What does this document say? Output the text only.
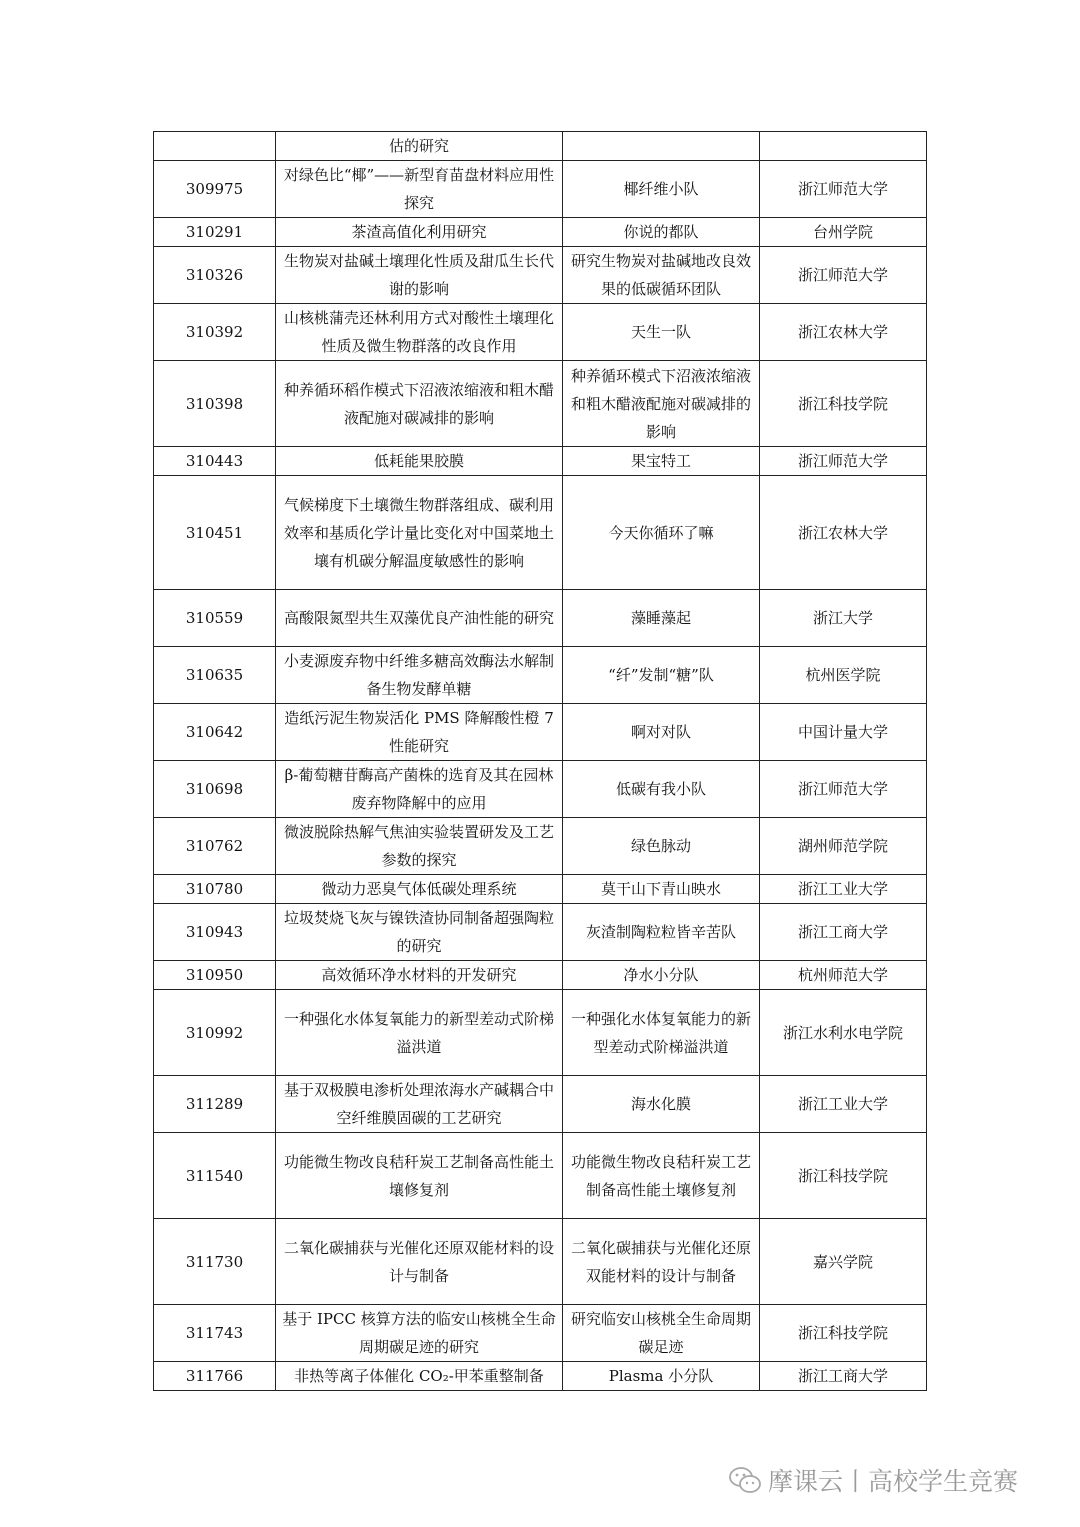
	估的研究		
309975	对绿色比“椰”——新型育苗盘材料应用性探究	椰纤维小队	浙江师范大学
310291	茶渣高值化利用研究	你说的都队	台州学院
310326	生物炭对盐碱土壤理化性质及甜瓜生长代谢的影响	研究生物炭对盐碱地改良效果的低碳循环团队	浙江师范大学
310392	山核桃蒲壳还林利用方式对酸性土壤理化性质及微生物群落的改良作用	天生一队	浙江农林大学
310398	种养循环稻作模式下沼液浓缩液和粗木醋液配施对碳减排的影响	种养循环模式下沼液浓缩液和粗木醋液配施对碳减排的影响	浙江科技学院
310443	低耗能果胶膜	果宝特工	浙江师范大学
310451	气候梯度下土壤微生物群落组成、碳利用效率和基质化学计量比变化对中国菜地土壤有机碳分解温度敏感性的影响	今天你循环了嘛	浙江农林大学
310559	高酸限氮型共生双藻优良产油性能的研究	藻睡藻起	浙江大学
310635	小麦源废弃物中纤维多糖高效酶法水解制备生物发酵单糖	“纤”发制“糖”队	杭州医学院
310642	造纸污泥生物炭活化 PMS 降解酸性橙 7 性能研究	啊对对队	中国计量大学
310698	β-葡萄糖苷酶高产菌株的选育及其在园林废弃物降解中的应用	低碳有我小队	浙江师范大学
310762	微波脱除热解气焦油实验装置研发及工艺参数的探究	绿色脉动	湖州师范学院
310780	微动力恶臭气体低碳处理系统	莫干山下青山映水	浙江工业大学
310943	垃圾焚烧飞灰与镍铁渣协同制备超强陶粒的研究	灰渣制陶粒粒皆辛苦队	浙江工商大学
310950	高效循环净水材料的开发研究	净水小分队	杭州师范大学
310992	一种强化水体复氧能力的新型差动式阶梯溢洪道	一种强化水体复氧能力的新型差动式阶梯溢洪道	浙江水利水电学院
311289	基于双极膜电渗析处理浓海水产碱耦合中空纤维膜固碳的工艺研究	海水化膜	浙江工业大学
311540	功能微生物改良秸秆炭工艺制备高性能土壤修复剂	功能微生物改良秸秆炭工艺制备高性能土壤修复剂	浙江科技学院
311730	二氧化碳捕获与光催化还原双能材料的设计与制备	二氧化碳捕获与光催化还原双能材料的设计与制备	嘉兴学院
311743	基于 IPCC 核算方法的临安山核桃全生命周期碳足迹的研究	研究临安山核桃全生命周期碳足迹	浙江科技学院
311766	非热等离子体催化 CO₂-甲苯重整制备	Plasma 小分队	浙江工商大学
摩课云丨高校学生竞赛
